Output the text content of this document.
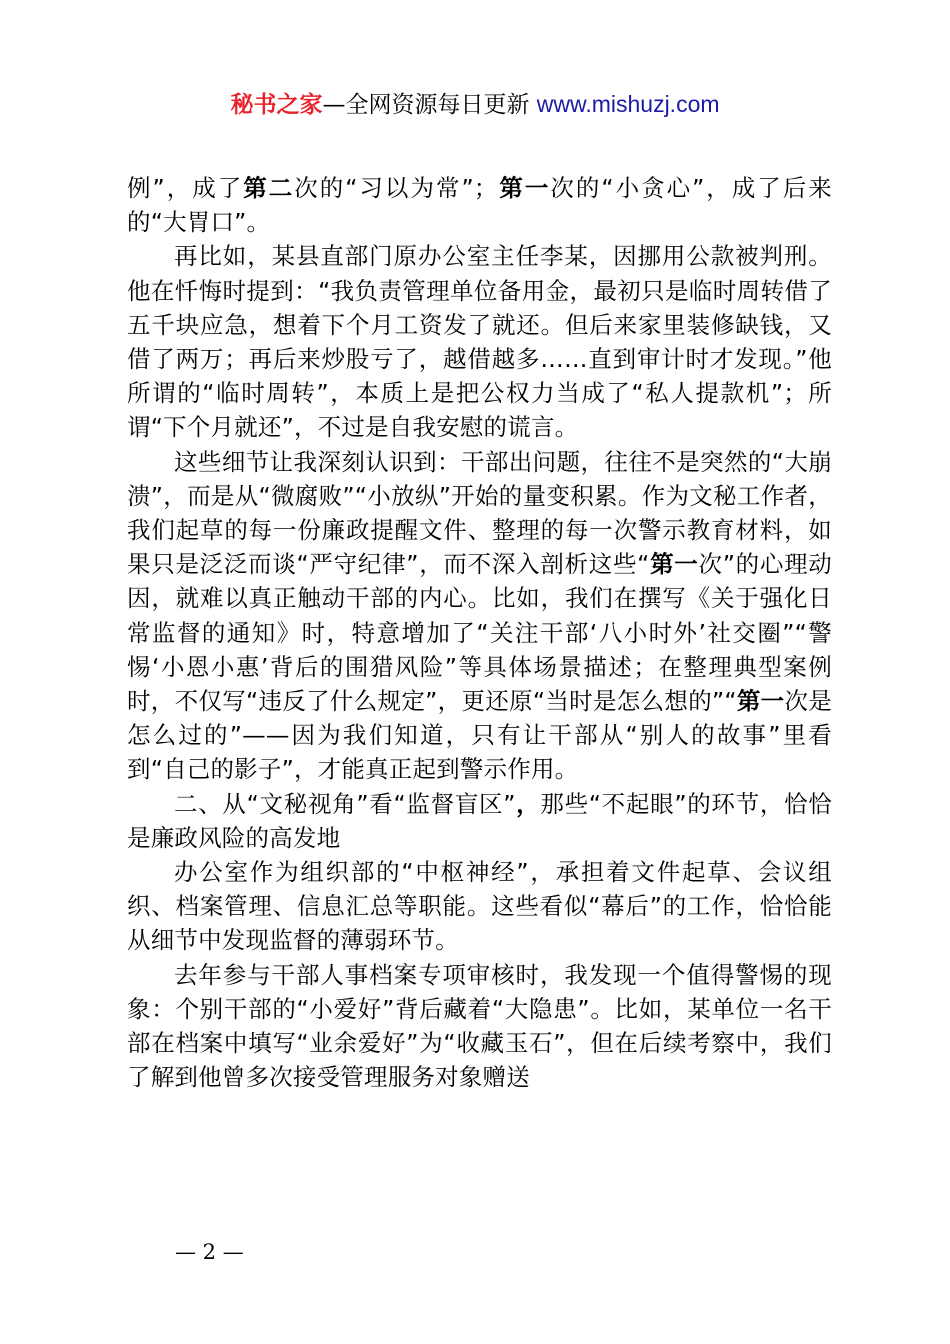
秘书之家—全网资源每日更新 www.mishuzj.com

例”，成了第二次的“习以为常”；第一次的“小贪心”，成了后来的“大胃口”。

再比如，某县直部门原办公室主任李某，因挪用公款被判刑。他在忏悔时提到：“我负责管理单位备用金，最初只是临时周转借了五千块应急，想着下个月工资发了就还。但后来家里装修缺钱，又借了两万；再后来炒股亏了，越借越多……直到审计时才发现。”他所谓的“临时周转”，本质上是把公权力当成了“私人提款机”；所谓“下个月就还”，不过是自我安慰的谎言。

这些细节让我深刻认识到：干部出问题，往往不是突然的“大崩溃”，而是从“微腐败”“小放纵”开始的量变积累。作为文秘工作者，我们起草的每一份廉政提醒文件、整理的每一次警示教育材料，如果只是泛泛而谈“严守纪律”，而不深入剖析这些“第一次”的心理动因，就难以真正触动干部的内心。比如，我们在撰写《关于强化日常监督的通知》时，特意增加了“关注干部‘八小时外’社交圈”“警惕‘小恩小惠’背后的围猎风险”等具体场景描述；在整理典型案例时，不仅写“违反了什么规定”，更还原“当时是怎么想的”“第一次是怎么过的”——因为我们知道，只有让干部从“别人的故事”里看到“自己的影子”，才能真正起到警示作用。

二、从“文秘视角”看“监督盲区”，那些“不起眼”的环节，恰恰是廉政风险的高发地

办公室作为组织部的“中枢神经”，承担着文件起草、会议组织、档案管理、信息汇总等职能。这些看似“幕后”的工作，恰恰能从细节中发现监督的薄弱环节。

去年参与干部人事档案专项审核时，我发现一个值得警惕的现象：个别干部的“小爱好”背后藏着“大隐患”。比如，某单位一名干部在档案中填写“业余爱好”为“收藏玉石”，但在后续考察中，我们了解到他曾多次接受管理服务对象赠送

— 2 —
